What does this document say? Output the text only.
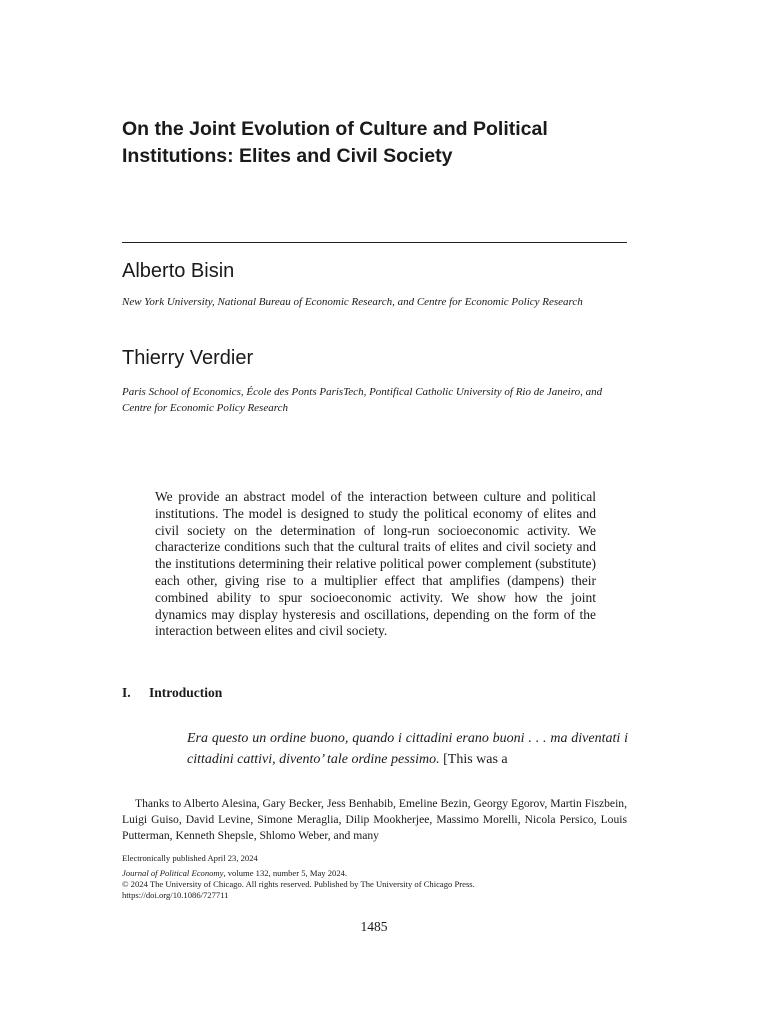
On the Joint Evolution of Culture and Political Institutions: Elites and Civil Society

Alberto Bisin

New York University, National Bureau of Economic Research, and Centre for Economic Policy Research

Thierry Verdier

Paris School of Economics, École des Ponts ParisTech, Pontifical Catholic University of Rio de Janeiro, and Centre for Economic Policy Research

We provide an abstract model of the interaction between culture and political institutions. The model is designed to study the political economy of elites and civil society on the determination of long-run socioeconomic activity. We characterize conditions such that the cultural traits of elites and civil society and the institutions determining their relative political power complement (substitute) each other, giving rise to a multiplier effect that amplifies (dampens) their combined ability to spur socioeconomic activity. We show how the joint dynamics may display hysteresis and oscillations, depending on the form of the interaction between elites and civil society.

I. Introduction

Era questo un ordine buono, quando i cittadini erano buoni . . . ma diventati i cittadini cattivi, divento’ tale ordine pessimo. [This was a

Thanks to Alberto Alesina, Gary Becker, Jess Benhabib, Emeline Bezin, Georgy Egorov, Martin Fiszbein, Luigi Guiso, David Levine, Simone Meraglia, Dilip Mookherjee, Massimo Morelli, Nicola Persico, Louis Putterman, Kenneth Shepsle, Shlomo Weber, and many

Electronically published April 23, 2024
Journal of Political Economy, volume 132, number 5, May 2024.
© 2024 The University of Chicago. All rights reserved. Published by The University of Chicago Press.
https://doi.org/10.1086/727711

1485
